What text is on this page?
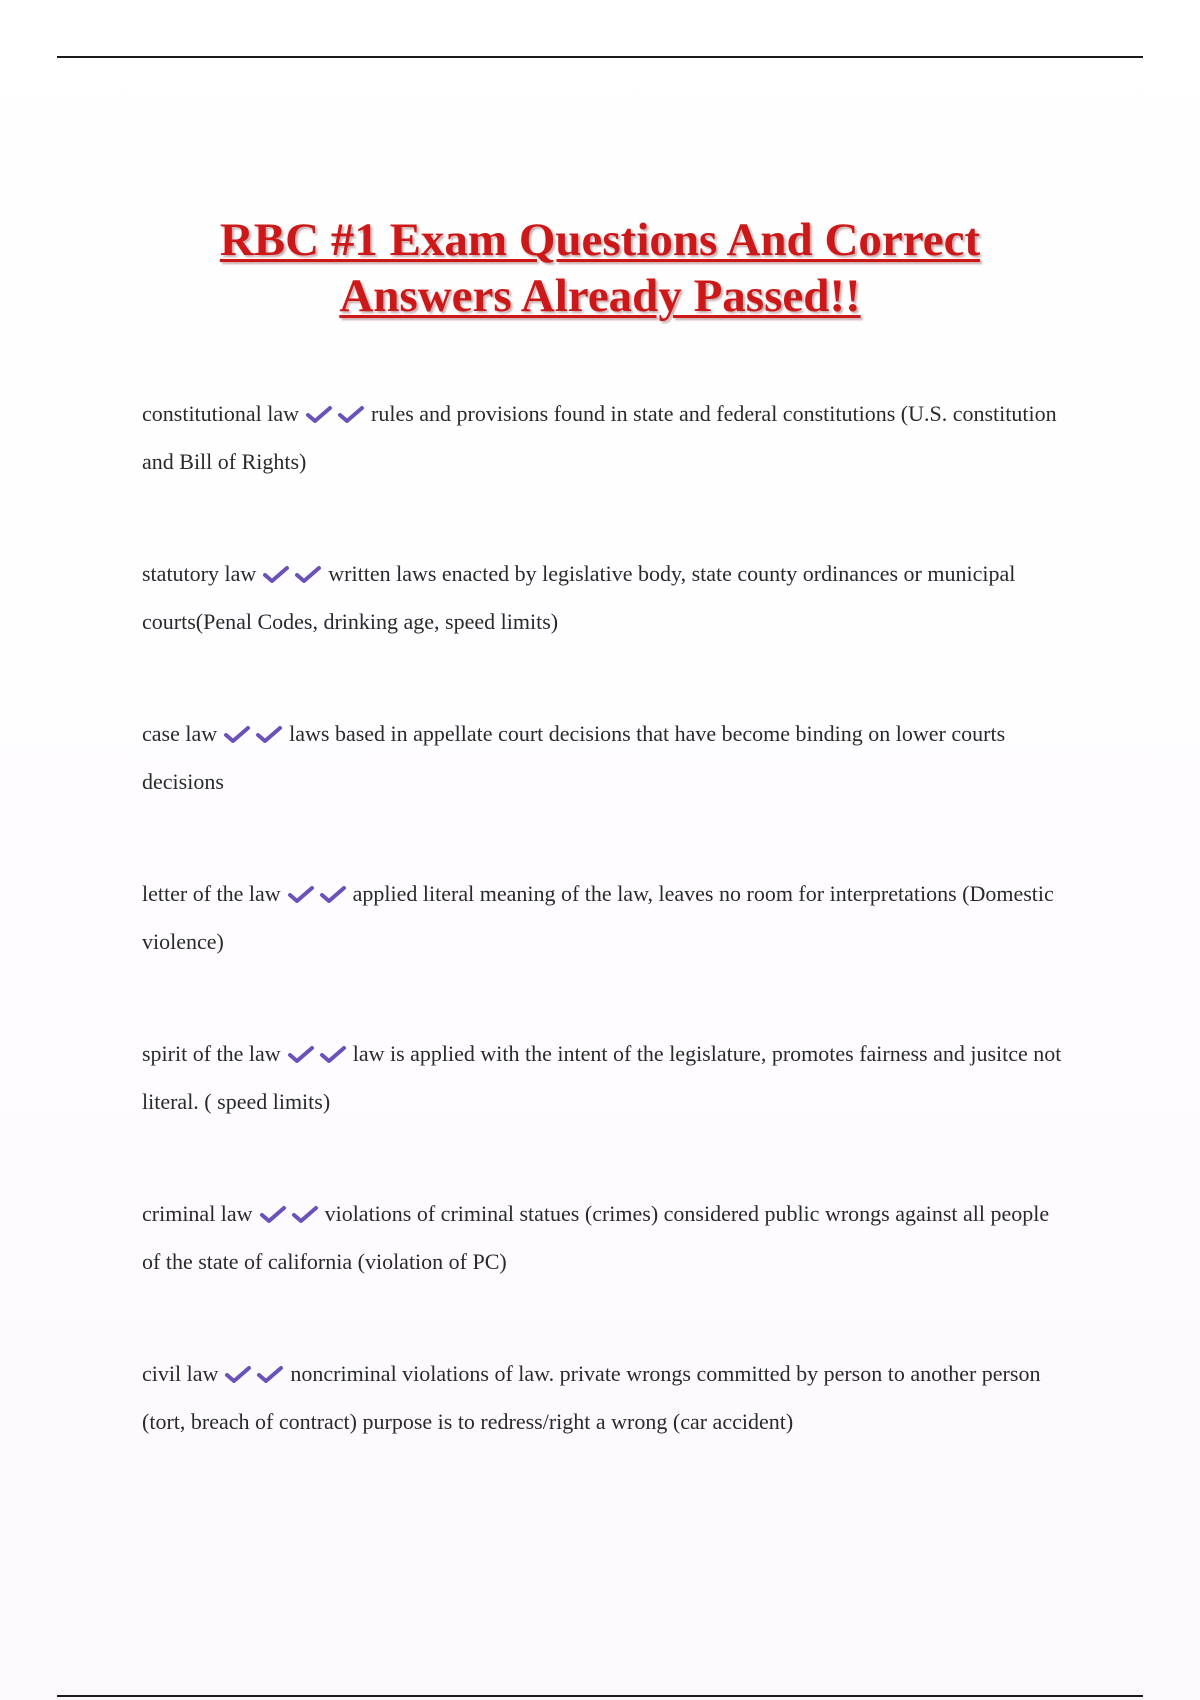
RBC #1 Exam Questions And Correct
Answers Already Passed!!
constitutional law	rules and provisions found in state and federal constitutions (U.S. constitution and Bill of Rights)
statutory law	written laws enacted by legislative body, state county ordinances or municipal courts(Penal Codes, drinking age, speed limits)
case law	laws based in appellate court decisions that have become binding on lower courts decisions
letter of the law	applied literal meaning of the law, leaves no room for interpretations (Domestic violence)
spirit of the law	law is applied with the intent of the legislature, promotes fairness and jusitce not literal. ( speed limits)
criminal law	violations of criminal statues (crimes) considered public wrongs against all people of the state of california (violation of PC)
civil law	noncriminal violations of law. private wrongs committed by person to another person (tort, breach of contract) purpose is to redress/right a wrong (car accident)
